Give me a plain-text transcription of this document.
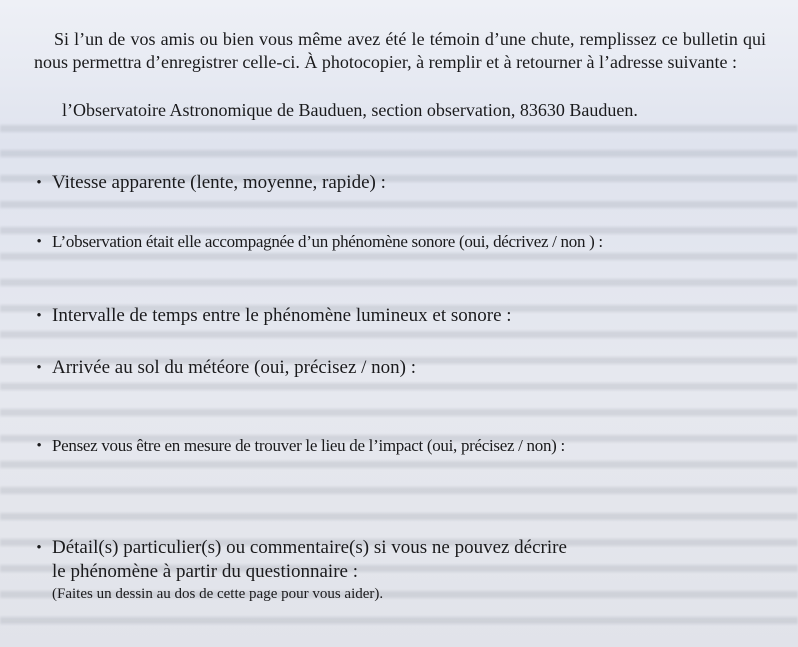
Si l’un de vos amis ou bien vous même avez été le témoin d’une chute, remplissez ce bulletin qui nous permettra d’enregistrer celle-ci. À photocopier, à remplir et à retourner à l’adresse suivante :

l’Observatoire Astronomique de Bauduen, section observation, 83630 Bauduen.

• Vitesse apparente (lente, moyenne, rapide) :
• L’observation était elle accompagnée d’un phénomène sonore (oui, décrivez / non ) :
• Intervalle de temps entre le phénomène lumineux et sonore :
• Arrivée au sol du météore (oui, précisez / non) :
• Pensez vous être en mesure de trouver le lieu de l’impact (oui, précisez / non) :
• Détail(s) particulier(s) ou commentaire(s) si vous ne pouvez décrire
le phénomène à partir du questionnaire :
(Faites un dessin au dos de cette page pour vous aider).
